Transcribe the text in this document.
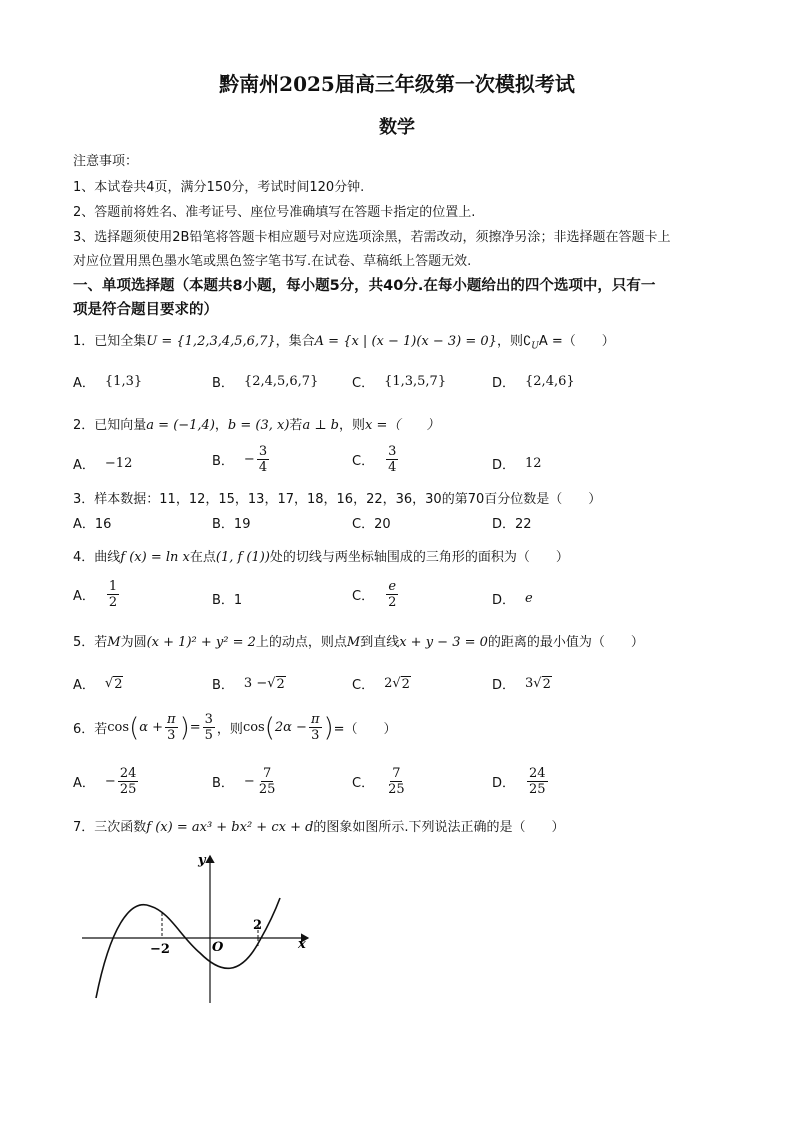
黔南州2025届高三年级第一次模拟考试
数学
注意事项：
1、本试卷共4页，满分150分，考试时间120分钟.
2、答题前将姓名、准考证号、座位号准确填写在答题卡指定的位置上.
3、选择题须使用2B铅笔将答题卡相应题号对应选项涂黑，若需改动，须擦净另涂；非选择题在答题卡上
对应位置用黑色墨水笔或黑色签字笔书写.在试卷、草稿纸上答题无效.
一、单项选择题（本题共8小题，每小题5分，共40分.在每小题给出的四个选项中，只有一
项是符合题目要求的）
1．已知全集U = {1,2,3,4,5,6,7}，集合A = {x | (x − 1)(x − 3) = 0}，则$∁_UA$ =（　　）
A． {1,3}	B． {2,4,5,6,7}	C． {1,3,5,7}	D． {2,4,6}
2．已知向量a = (−1,4)，b = (3, x)若a ⊥ b，则x =（　　）
A． −12	B． − $\frac{3}{4}$	C． $\frac{3}{4}$	D． 12
3．样本数据：11，12，15，13，17，18，16，22，36，30的第70百分位数是（　　）
A．16	B．19	C．20	D．22
4．曲线f (x) = ln x在点(1, f (1))处的切线与两坐标轴围成的三角形的面积为（　　）
A． $\frac{1}{2}$	B．1	C． $\frac{e}{2}$	D． e
5．若M为圆(x + 1)² + y² = 2上的动点，则点M到直线x + y − 3 = 0的距离的最小值为（　　）
A． √ 2	B． 3 − √ 2	C． 2 √ 2	D． 3 √ 2
6．若 cos ( $\alpha + \frac{\pi}{3}$ ) = $\frac{3}{5}$ ，则 cos ( $2\alpha - \frac{\pi}{3}$ ) =（　　）
A． − $\frac{24}{25}$	B． − $\frac{7}{25}$	C． $\frac{7}{25}$	D． $\frac{24}{25}$
7．三次函数f (x) = ax³ + bx² + cx + d的图象如图所示.下列说法正确的是（　　）
y
x
O
−2
2
